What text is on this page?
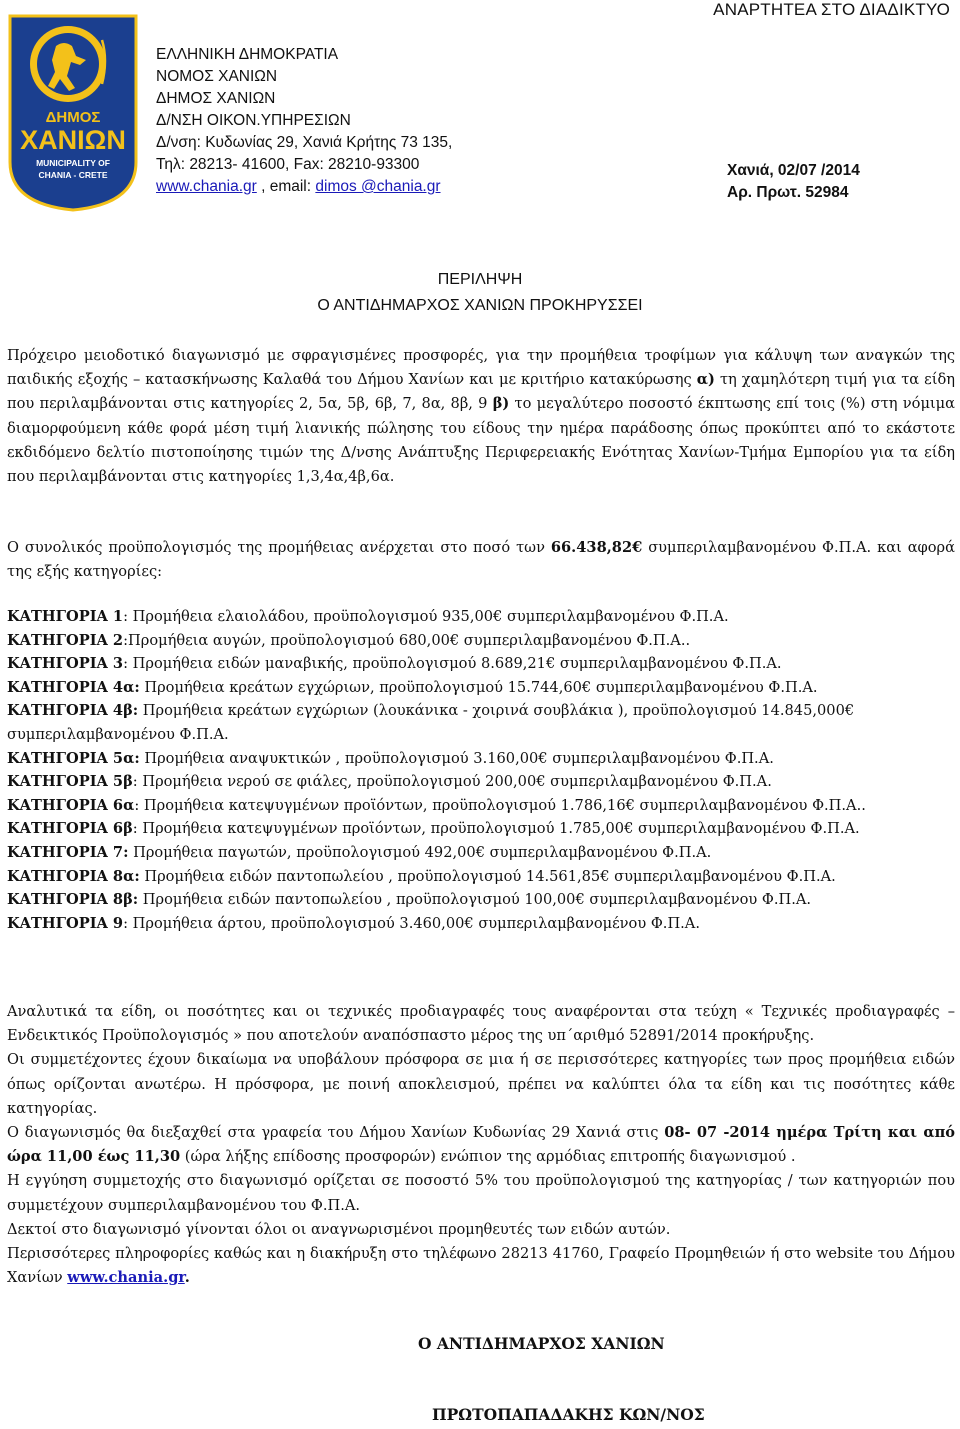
ΑΝΑΡΤΗΤΕΑ ΣΤΟ ΔΙΑΔΙΚΤΥΟ
ΔΗΜΟΣ
ΧΑΝΙΩΝ
MUNICIPALITY OF
CHANIA - CRETE
ΕΛΛΗΝΙΚΗ ΔΗΜΟΚΡΑΤΙΑ
ΝΟΜΟΣ ΧΑΝΙΩΝ
ΔΗΜΟΣ ΧΑΝΙΩΝ
Δ/ΝΣΗ ΟΙΚΟΝ.ΥΠΗΡΕΣΙΩΝ
Δ/νση: Κυδωνίας 29, Χανιά Κρήτης 73 135,
Τηλ: 28213- 41600, Fax: 28210-93300
www.chania.gr , email: dimos @chania.gr
Χανιά, 02/07 /2014
Αρ. Πρωτ. 52984
ΠΕΡΙΛΗΨΗ
Ο ΑΝΤΙΔΗΜΑΡΧΟΣ ΧΑΝΙΩΝ ΠΡΟΚΗΡΥΣΣΕΙ
Πρόχειρο μειοδοτικό διαγωνισμό με σφραγισμένες προσφορές, για την προμήθεια τροφίμων για κάλυψη των αναγκών της παιδικής εξοχής – κατασκήνωσης Καλαθά του Δήμου Χανίων και με κριτήριο κατακύρωσης α) τη χαμηλότερη τιμή για τα είδη που περιλαμβάνονται στις κατηγορίες 2, 5α, 5β, 6β, 7, 8α, 8β, 9 β) το μεγαλύτερο ποσοστό έκπτωσης επί τοις (%) στη νόμιμα διαμορφούμενη κάθε φορά μέση τιμή λιανικής πώλησης του είδους την ημέρα παράδοσης όπως προκύπτει από το εκάστοτε εκδιδόμενο δελτίο πιστοποίησης τιμών της Δ/νσης Ανάπτυξης Περιφερειακής Ενότητας Χανίων-Τμήμα Εμπορίου για τα είδη που περιλαμβάνονται στις κατηγορίες 1,3,4α,4β,6α.
Ο συνολικός προϋπολογισμός της προμήθειας ανέρχεται στο ποσό των 66.438,82€ συμπεριλαμβανομένου Φ.Π.Α. και αφορά της εξής κατηγορίες:
ΚΑΤΗΓΟΡΙΑ 1: Προμήθεια ελαιολάδου, προϋπολογισμού 935,00€ συμπεριλαμβανομένου Φ.Π.Α.
ΚΑΤΗΓΟΡΙΑ 2:Προμήθεια αυγών, προϋπολογισμού 680,00€ συμπεριλαμβανομένου Φ.Π.Α..
ΚΑΤΗΓΟΡΙΑ 3: Προμήθεια ειδών μαναβικής, προϋπολογισμού 8.689,21€ συμπεριλαμβανομένου Φ.Π.Α.
ΚΑΤΗΓΟΡΙΑ 4α: Προμήθεια κρεάτων εγχώριων, προϋπολογισμού 15.744,60€ συμπεριλαμβανομένου Φ.Π.Α.
ΚΑΤΗΓΟΡΙΑ 4β: Προμήθεια κρεάτων εγχώριων (λουκάνικα - χοιρινά σουβλάκια ), προϋπολογισμού 14.845,000€ συμπεριλαμβανομένου Φ.Π.Α.
ΚΑΤΗΓΟΡΙΑ 5α: Προμήθεια αναψυκτικών , προϋπολογισμού 3.160,00€ συμπεριλαμβανομένου Φ.Π.Α.
ΚΑΤΗΓΟΡΙΑ 5β: Προμήθεια νερού σε φιάλες, προϋπολογισμού 200,00€ συμπεριλαμβανομένου Φ.Π.Α.
ΚΑΤΗΓΟΡΙΑ 6α: Προμήθεια κατεψυγμένων προϊόντων, προϋπολογισμού 1.786,16€ συμπεριλαμβανομένου Φ.Π.Α..
ΚΑΤΗΓΟΡΙΑ 6β: Προμήθεια κατεψυγμένων προϊόντων, προϋπολογισμού 1.785,00€ συμπεριλαμβανομένου Φ.Π.Α.
ΚΑΤΗΓΟΡΙΑ 7: Προμήθεια παγωτών, προϋπολογισμού 492,00€ συμπεριλαμβανομένου Φ.Π.Α.
ΚΑΤΗΓΟΡΙΑ 8α: Προμήθεια ειδών παντοπωλείου , προϋπολογισμού 14.561,85€ συμπεριλαμβανομένου Φ.Π.Α.
ΚΑΤΗΓΟΡΙΑ 8β: Προμήθεια ειδών παντοπωλείου , προϋπολογισμού 100,00€ συμπεριλαμβανομένου Φ.Π.Α.
ΚΑΤΗΓΟΡΙΑ 9: Προμήθεια άρτου, προϋπολογισμού 3.460,00€ συμπεριλαμβανομένου Φ.Π.Α.
Αναλυτικά τα είδη, οι ποσότητες και οι τεχνικές προδιαγραφές τους αναφέρονται στα τεύχη « Τεχνικές προδιαγραφές – Ενδεικτικός Προϋπολογισμός » που αποτελούν αναπόσπαστο μέρος της υπ΄αριθμό 52891/2014 προκήρυξης.
Οι συμμετέχοντες έχουν δικαίωμα να υποβάλουν πρόσφορα σε μια ή σε περισσότερες κατηγορίες των προς προμήθεια ειδών όπως ορίζονται ανωτέρω. Η πρόσφορα, με ποινή αποκλεισμού, πρέπει να καλύπτει όλα τα είδη και τις ποσότητες κάθε κατηγορίας.
Ο διαγωνισμός θα διεξαχθεί στα γραφεία του Δήμου Χανίων Κυδωνίας 29 Χανιά στις 08- 07 -2014 ημέρα Τρίτη και από ώρα 11,00 έως 11,30 (ώρα λήξης επίδοσης προσφορών) ενώπιον της αρμόδιας επιτροπής διαγωνισμού .
Η εγγύηση συμμετοχής στο διαγωνισμό ορίζεται σε ποσοστό 5% του προϋπολογισμού της κατηγορίας / των κατηγοριών που συμμετέχουν συμπεριλαμβανομένου του Φ.Π.Α.
Δεκτοί στο διαγωνισμό γίνονται όλοι οι αναγνωρισμένοι προμηθευτές των ειδών αυτών.
Περισσότερες πληροφορίες καθώς και η διακήρυξη στο τηλέφωνο 28213 41760, Γραφείο Προμηθειών ή στο website του Δήμου Χανίων www.chania.gr.
Ο ΑΝΤΙΔΗΜΑΡΧΟΣ ΧΑΝΙΩΝ
ΠΡΩΤΟΠΑΠΑΔΑΚΗΣ ΚΩΝ/ΝΟΣ
